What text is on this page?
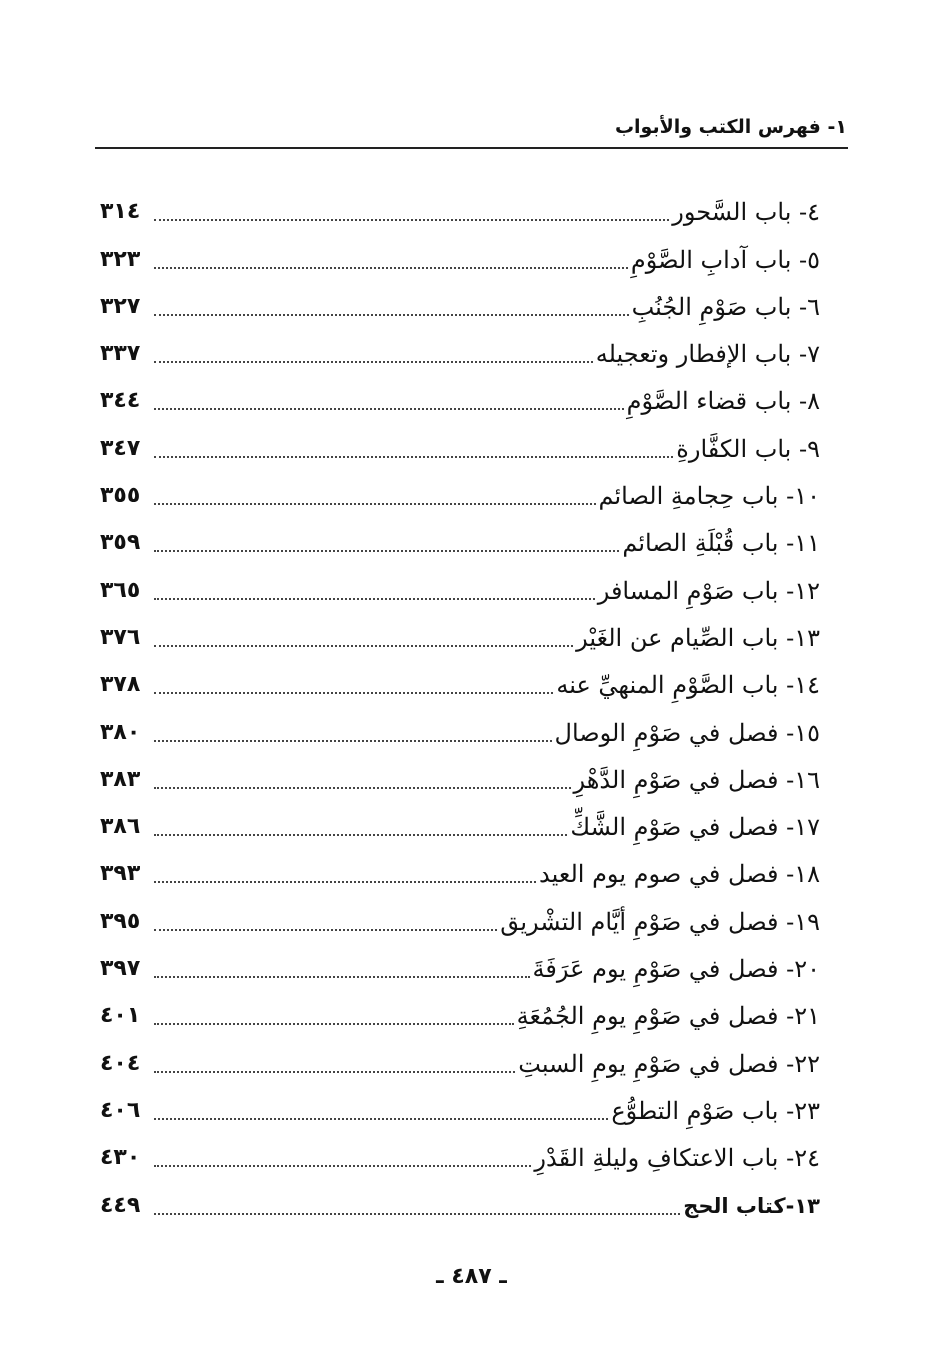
١- فهرس الكتب والأبواب
٤- باب السَّحور
٣١٤
٥- باب آدابِ الصَّوْمِ
٣٢٣
٦- باب صَوْمِ الجُنُبِ
٣٢٧
٧- باب الإفطار وتعجيله
٣٣٧
٨- باب قضاء الصَّوْمِ
٣٤٤
٩- باب الكفَّارةِ
٣٤٧
١٠- باب حِجامةِ الصائم
٣٥٥
١١- باب قُبْلَةِ الصائم
٣٥٩
١٢- باب صَوْمِ المسافر
٣٦٥
١٣- باب الصِّيام عن الغَيْر
٣٧٦
١٤- باب الصَّوْمِ المنهيِّ عنه
٣٧٨
١٥- فصل في صَوْمِ الوصال
٣٨٠
١٦- فصل في صَوْمِ الدَّهْرِ
٣٨٣
١٧- فصل في صَوْمِ الشَّكِّ
٣٨٦
١٨- فصل في صوم يوم العيد
٣٩٣
١٩- فصل في صَوْمِ أيَّام التشْريق
٣٩٥
٢٠- فصل في صَوْمِ يوم عَرَفَةَ
٣٩٧
٢١- فصل في صَوْمِ يومِ الجُمُعَةِ
٤٠١
٢٢- فصل في صَوْمِ يومِ السبتِ
٤٠٤
٢٣- باب صَوْمِ التطوُّع
٤٠٦
٢٤- باب الاعتكافِ وليلةِ القَدْرِ
٤٣٠
١٣-كتاب الحج
٤٤٩
ـ ٤٨٧ ـ
